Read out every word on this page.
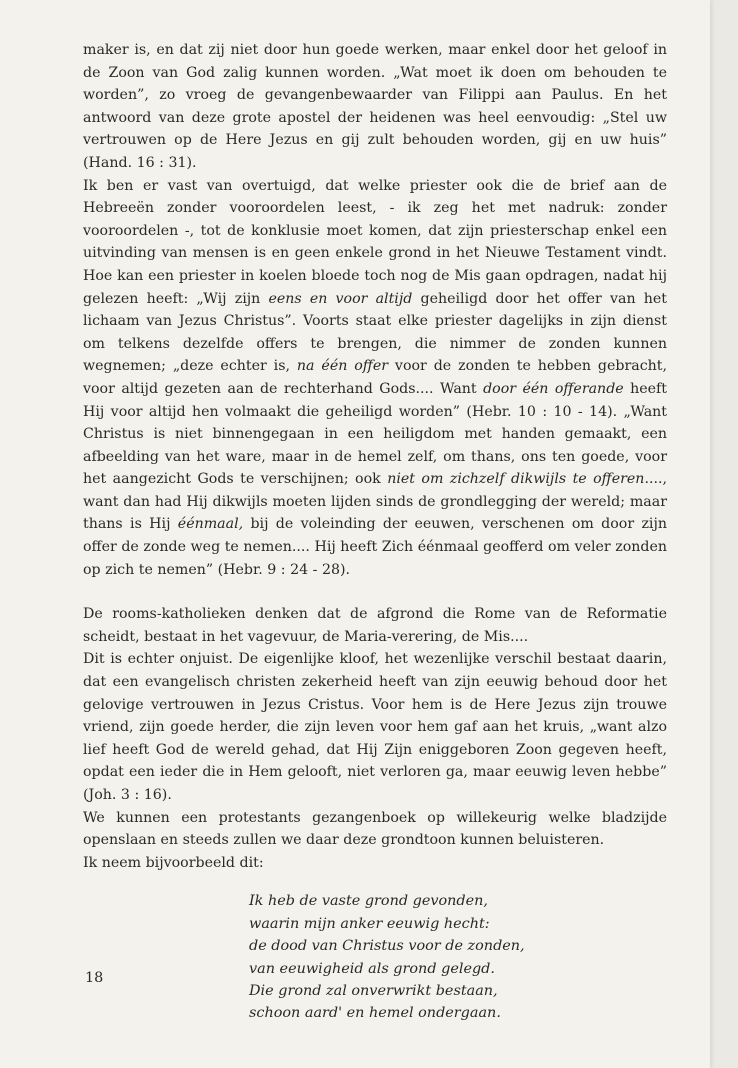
maker is, en dat zij niet door hun goede werken, maar enkel door het geloof in de Zoon van God zalig kunnen worden. „Wat moet ik doen om behouden te worden”, zo vroeg de gevangenbewaarder van Filippi aan Paulus. En het antwoord van deze grote apostel der heidenen was heel eenvoudig: „Stel uw vertrouwen op de Here Jezus en gij zult behouden worden, gij en uw huis” (Hand. 16 : 31).

Ik ben er vast van overtuigd, dat welke priester ook die de brief aan de Hebreeën zonder vooroordelen leest, - ik zeg het met nadruk: zonder vooroordelen -, tot de konklusie moet komen, dat zijn priesterschap enkel een uitvinding van mensen is en geen enkele grond in het Nieuwe Testament vindt. Hoe kan een priester in koelen bloede toch nog de Mis gaan opdragen, nadat hij gelezen heeft: „Wij zijn eens en voor altijd geheiligd door het offer van het lichaam van Jezus Christus”. Voorts staat elke priester dagelijks in zijn dienst om telkens dezelfde offers te brengen, die nimmer de zonden kunnen wegnemen; „deze echter is, na één offer voor de zonden te hebben gebracht, voor altijd gezeten aan de rechterhand Gods.... Want door één offerande heeft Hij voor altijd hen volmaakt die geheiligd worden” (Hebr. 10 : 10 - 14). „Want Christus is niet binnengegaan in een heiligdom met handen gemaakt, een afbeelding van het ware, maar in de hemel zelf, om thans, ons ten goede, voor het aangezicht Gods te verschijnen; ook niet om zichzelf dikwijls te offeren...., want dan had Hij dikwijls moeten lijden sinds de grondlegging der wereld; maar thans is Hij éénmaal, bij de voleinding der eeuwen, verschenen om door zijn offer de zonde weg te nemen.... Hij heeft Zich éénmaal geofferd om veler zonden op zich te nemen” (Hebr. 9 : 24 - 28).

De rooms-katholieken denken dat de afgrond die Rome van de Reformatie scheidt, bestaat in het vagevuur, de Maria-verering, de Mis....

Dit is echter onjuist. De eigenlijke kloof, het wezenlijke verschil bestaat daarin, dat een evangelisch christen zekerheid heeft van zijn eeuwig behoud door het gelovige vertrouwen in Jezus Cristus. Voor hem is de Here Jezus zijn trouwe vriend, zijn goede herder, die zijn leven voor hem gaf aan het kruis, „want alzo lief heeft God de wereld gehad, dat Hij Zijn eniggeboren Zoon gegeven heeft, opdat een ieder die in Hem gelooft, niet verloren ga, maar eeuwig leven hebbe” (Joh. 3 : 16).

We kunnen een protestants gezangenboek op willekeurig welke bladzijde openslaan en steeds zullen we daar deze grondtoon kunnen beluisteren.

Ik neem bijvoorbeeld dit:

Ik heb de vaste grond gevonden,
waarin mijn anker eeuwig hecht:
de dood van Christus voor de zonden,
van eeuwigheid als grond gelegd.
Die grond zal onverwrikt bestaan,
schoon aard' en hemel ondergaan.
18
